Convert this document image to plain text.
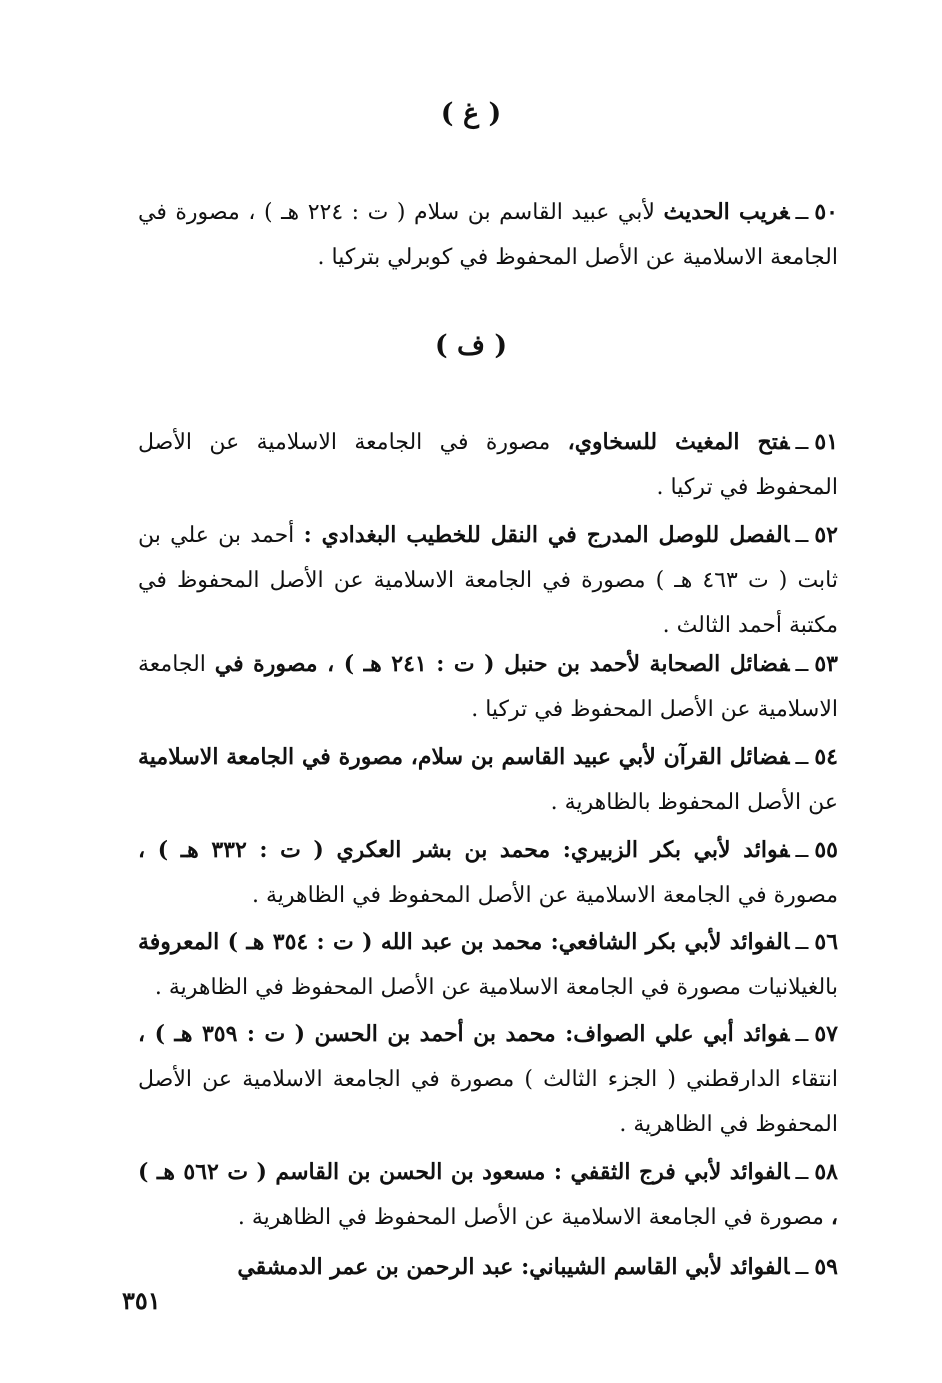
( غ )
٥٠ــغريب الحديث لأبي عبيد القاسم بن سلام ( ت : ٢٢٤ هـ ) ، مصورة في الجامعة الاسلامية عن الأصل المحفوظ في كوبرلي بتركيا .
( ف )
٥١ــفتح المغيث للسخاوي، مصورة في الجامعة الاسلامية عن الأصل المحفوظ في تركيا .
٥٢ــالفصل للوصل المدرج في النقل للخطيب البغدادي : أحمد بن علي بن ثابت ( ت ٤٦٣ هـ ) مصورة في الجامعة الاسلامية عن الأصل المحفوظ في مكتبة أحمد الثالث .
٥٣ــفضائل الصحابة لأحمد بن حنبل ( ت : ٢٤١ هـ ) ، مصورة في الجامعة الاسلامية عن الأصل المحفوظ في تركيا .
٥٤ــفضائل القرآن لأبي عبيد القاسم بن سلام، مصورة في الجامعة الاسلامية عن الأصل المحفوظ بالظاهرية .
٥٥ــفوائد لأبي بكر الزبيري: محمد بن بشر العكري ( ت : ٣٣٢ هـ ) ، مصورة في الجامعة الاسلامية عن الأصل المحفوظ في الظاهرية .
٥٦ــالفوائد لأبي بكر الشافعي: محمد بن عبد الله ( ت : ٣٥٤ هـ ) المعروفة بالغيلانيات مصورة في الجامعة الاسلامية عن الأصل المحفوظ في الظاهرية .
٥٧ــفوائد أبي علي الصواف: محمد بن أحمد بن الحسن ( ت : ٣٥٩ هـ ) ، انتقاء الدارقطني ( الجزء الثالث ) مصورة في الجامعة الاسلامية عن الأصل المحفوظ في الظاهرية .
٥٨ــالفوائد لأبي فرج الثقفي : مسعود بن الحسن بن القاسم ( ت ٥٦٢ هـ ) ، مصورة في الجامعة الاسلامية عن الأصل المحفوظ في الظاهرية .
٥٩ــالفوائد لأبي القاسم الشيباني: عبد الرحمن بن عمر الدمشقي
٣٥١
